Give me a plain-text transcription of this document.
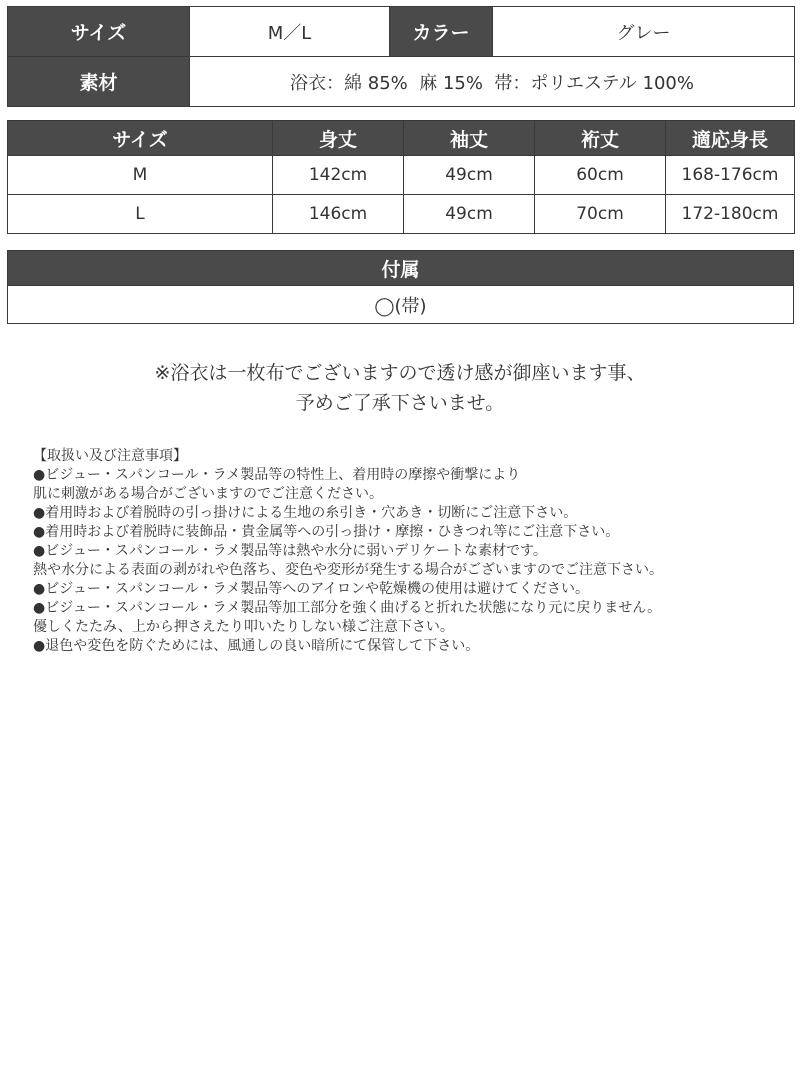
サイズ	M／L	カラー	グレー
素材	浴衣：綿 85%  麻 15%  帯：ポリエステル 100%		
サイズ	身丈	袖丈	裄丈	適応身長
M	142cm	49cm	60cm	168-176cm
L	146cm	49cm	70cm	172-180cm
付属
◯(帯)
※浴衣は一枚布でございますので透け感が御座います事、
予めご了承下さいませ。
【取扱い及び注意事項】
●ビジュー・スパンコール・ラメ製品等の特性上、着用時の摩擦や衝撃により
肌に刺激がある場合がございますのでご注意ください。
●着用時および着脱時の引っ掛けによる生地の糸引き・穴あき・切断にご注意下さい。
●着用時および着脱時に装飾品・貴金属等への引っ掛け・摩擦・ひきつれ等にご注意下さい。
●ビジュー・スパンコール・ラメ製品等は熱や水分に弱いデリケートな素材です。
熱や水分による表面の剥がれや色落ち、変色や変形が発生する場合がございますのでご注意下さい。
●ビジュー・スパンコール・ラメ製品等へのアイロンや乾燥機の使用は避けてください。
●ビジュー・スパンコール・ラメ製品等加工部分を強く曲げると折れた状態になり元に戻りません。
優しくたたみ、上から押さえたり叩いたりしない様ご注意下さい。
●退色や変色を防ぐためには、風通しの良い暗所にて保管して下さい。
